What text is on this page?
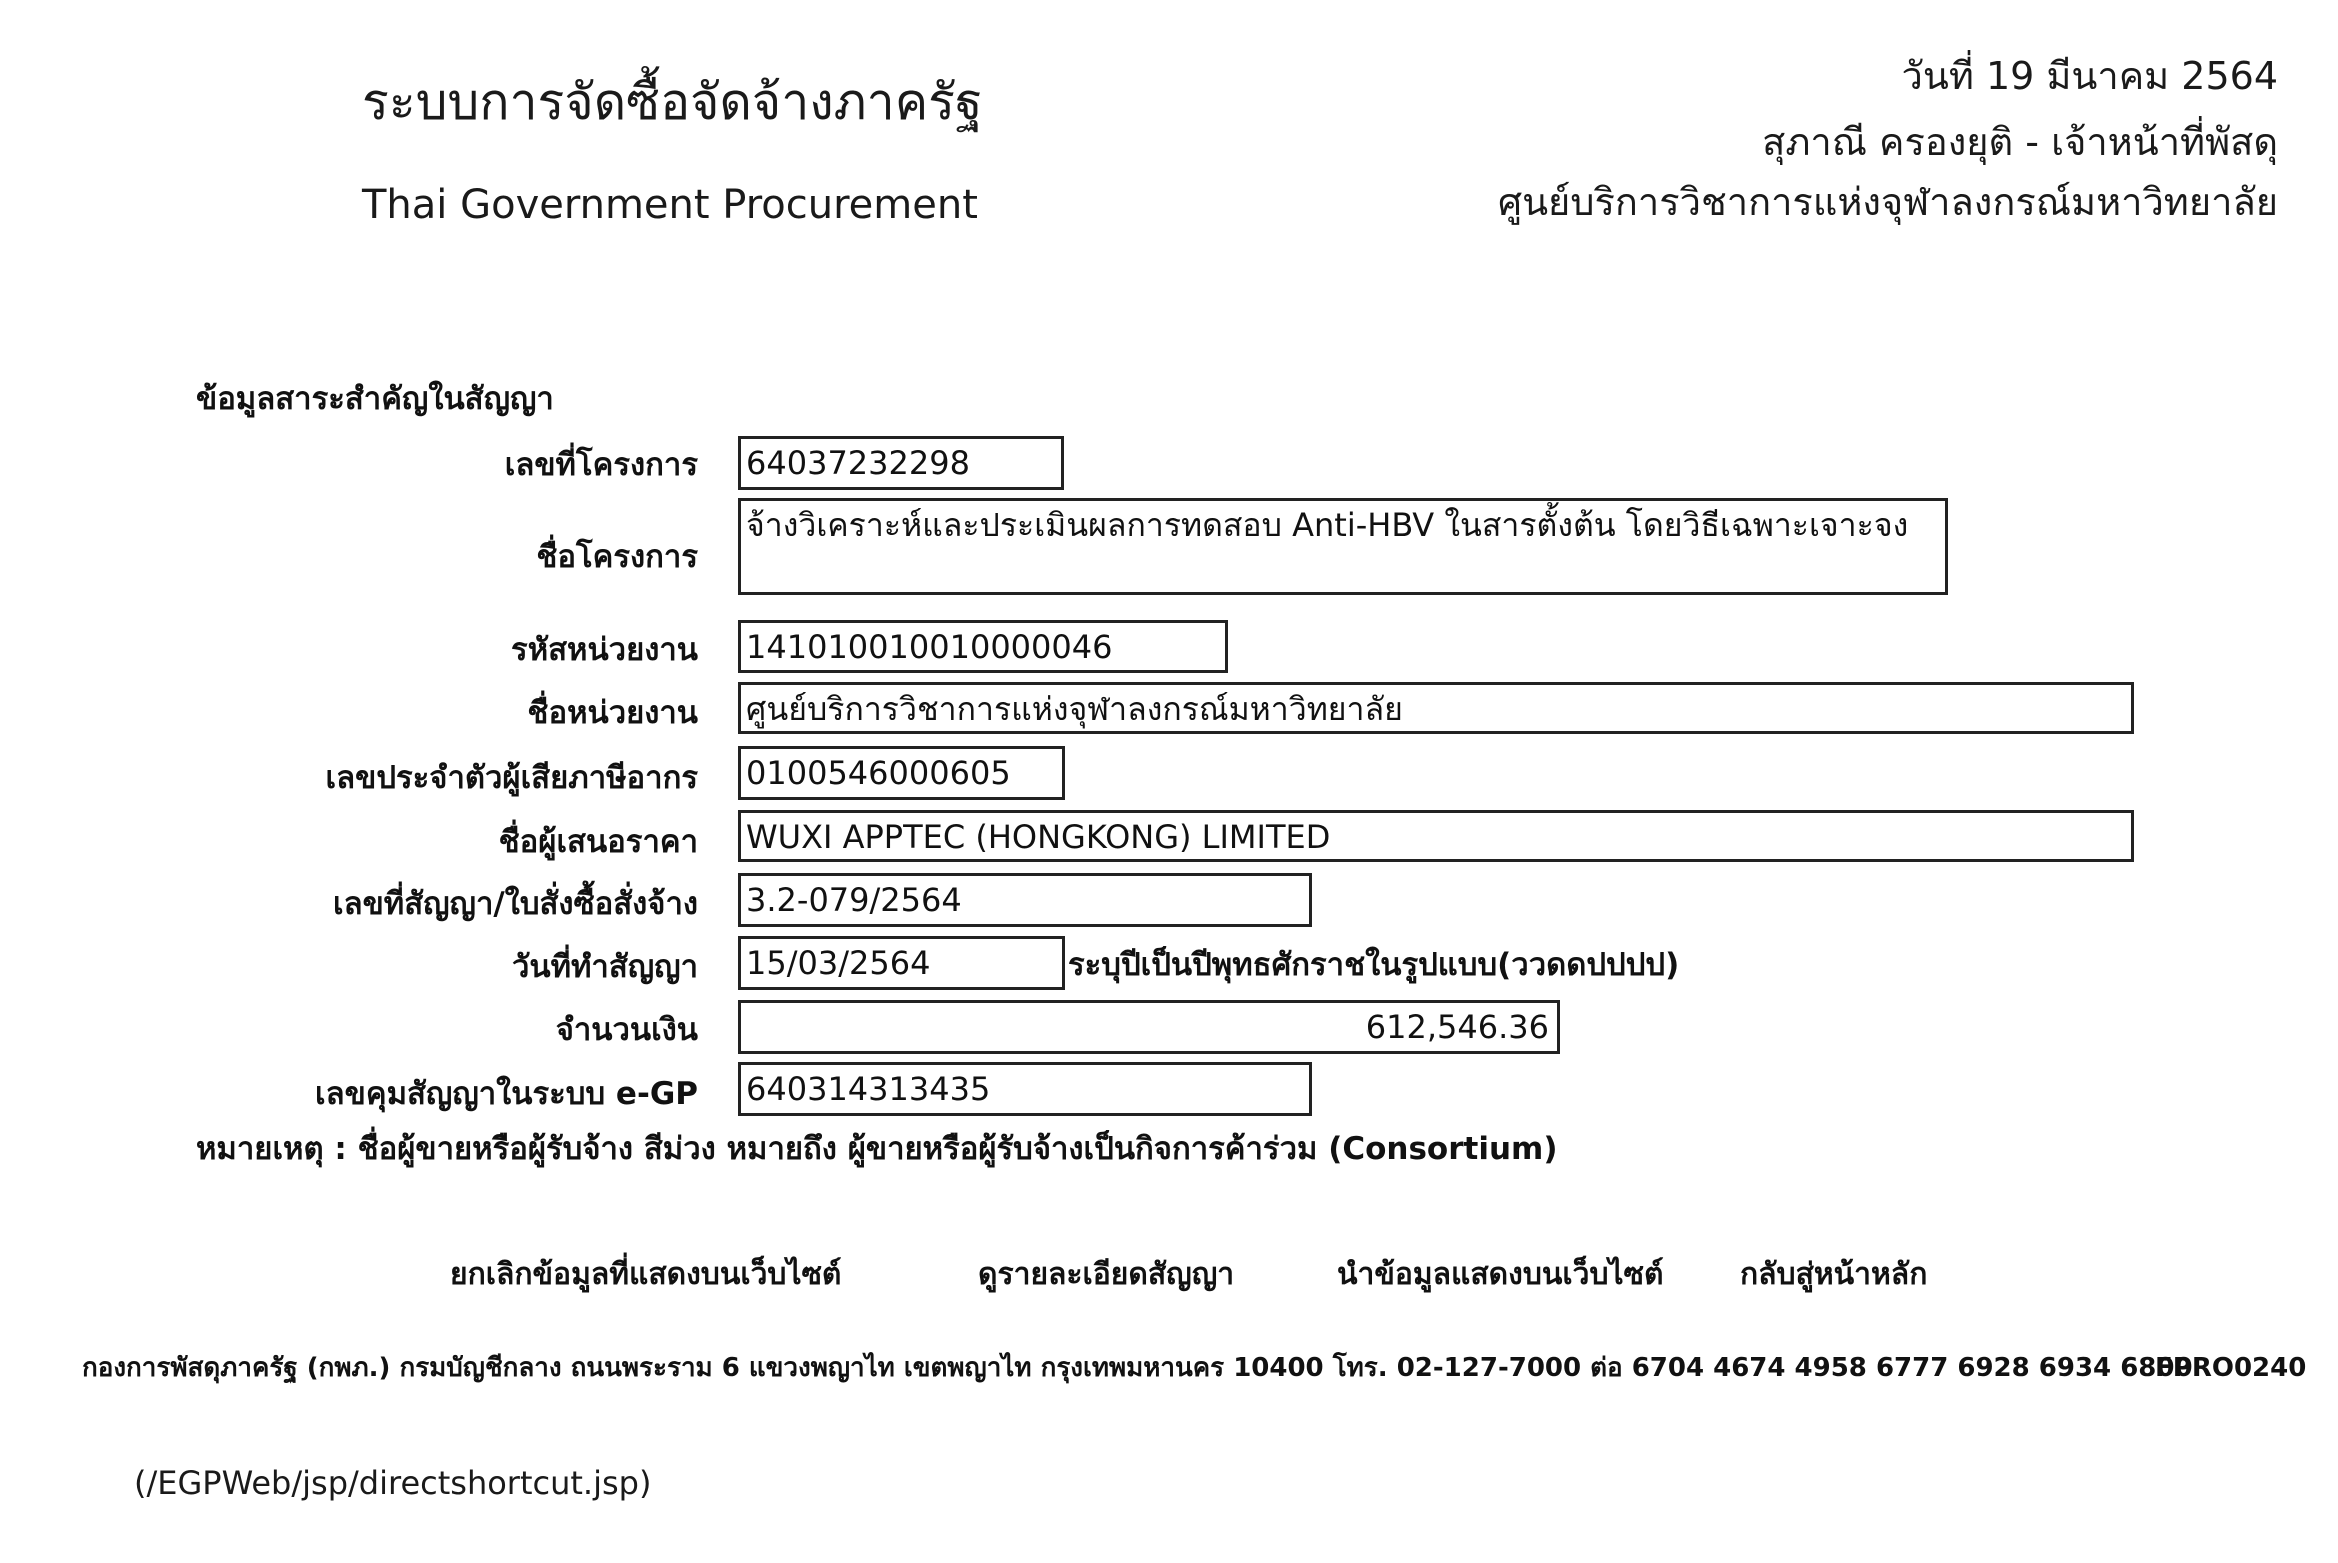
ระบบการจัดซื้อจัดจ้างภาครัฐ
Thai Government Procurement
วันที่ 19 มีนาคม 2564
สุภาณี ครองยุติ - เจ้าหน้าที่พัสดุ
ศูนย์บริการวิชาการแห่งจุฬาลงกรณ์มหาวิทยาลัย
ข้อมูลสาระสำคัญในสัญญา
เลขที่โครงการ 64037232298
ชื่อโครงการ
จ้างวิเคราะห์และประเมินผลการทดสอบ Anti-HBV ในสารตั้งต้น โดยวิธีเฉพาะเจาะจง
รหัสหน่วยงาน 141010010010000046
ชื่อหน่วยงาน ศูนย์บริการวิชาการแห่งจุฬาลงกรณ์มหาวิทยาลัย
เลขประจำตัวผู้เสียภาษีอากร 0100546000605
ชื่อผู้เสนอราคา WUXI APPTEC (HONGKONG) LIMITED
เลขที่สัญญา/ใบสั่งซื้อสั่งจ้าง 3.2-079/2564
วันที่ทำสัญญา 15/03/2564	ระบุปีเป็นปีพุทธศักราชในรูปแบบ(ววดดปปปป)
จำนวนเงิน	612,546.36
เลขคุมสัญญาในระบบ e-GP 640314313435
หมายเหตุ : ชื่อผู้ขายหรือผู้รับจ้าง สีม่วง หมายถึง ผู้ขายหรือผู้รับจ้างเป็นกิจการค้าร่วม (Consortium)
ยกเลิกข้อมูลที่แสดงบนเว็บไซต์	ดูรายละเอียดสัญญา	นำข้อมูลแสดงบนเว็บไซต์	กลับสู่หน้าหลัก
กองการพัสดุภาครัฐ (กพภ.) กรมบัญชีกลาง ถนนพระราม 6 แขวงพญาไท เขตพญาไท กรุงเทพมหานคร 10400 โทร. 02-127-7000 ต่อ 6704 4674 4958 6777 6928 6934 6800
FPRO0240
(/EGPWeb/jsp/directshortcut.jsp)
